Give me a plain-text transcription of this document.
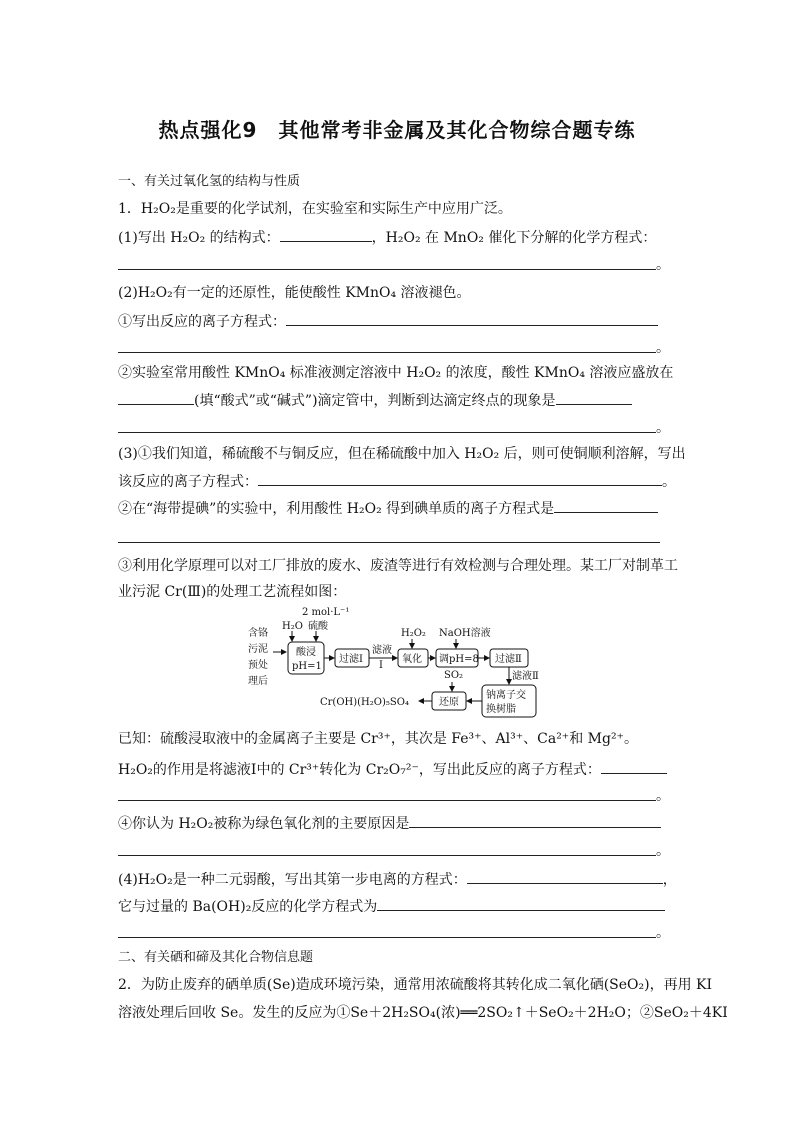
热点强化9　其他常考非金属及其化合物综合题专练
一、有关过氧化氢的结构与性质
1．H₂O₂是重要的化学试剂，在实验室和实际生产中应用广泛。
(1)写出 H₂O₂ 的结构式：	，H₂O₂ 在 MnO₂ 催化下分解的化学方程式：
。
(2)H₂O₂有一定的还原性，能使酸性 KMnO₄ 溶液褪色。
①写出反应的离子方程式：
。
②实验室常用酸性 KMnO₄ 标准液测定溶液中 H₂O₂ 的浓度，酸性 KMnO₄ 溶液应盛放在
(填“酸式”或“碱式”)滴定管中，判断到达滴定终点的现象是
。
(3)①我们知道，稀硫酸不与铜反应，但在稀硫酸中加入 H₂O₂ 后，则可使铜顺利溶解，写出
该反应的离子方程式：	。
②在“海带提碘”的实验中，利用酸性 H₂O₂ 得到碘单质的离子方程式是
③利用化学原理可以对工厂排放的废水、废渣等进行有效检测与合理处理。某工厂对制革工
业污泥 Cr(Ⅲ)的处理工艺流程如图：
含铬
污泥
预处
理后
2 mol·L⁻¹
H₂O 硫酸
酸浸
pH=1
过滤Ⅰ
滤液
Ⅰ
H₂O₂
氧化
NaOH溶液
调pH=8 过滤Ⅱ
滤液Ⅱ
钠离子交
换树脂
SO₂
还原
Cr(OH)(H₂O)₅SO₄
已知：硫酸浸取液中的金属离子主要是 Cr³⁺，其次是 Fe³⁺、Al³⁺、Ca²⁺和 Mg²⁺。
H₂O₂的作用是将滤液Ⅰ中的 Cr³⁺转化为 Cr₂O₇²⁻，写出此反应的离子方程式：
。
④你认为 H₂O₂被称为绿色氧化剂的主要原因是
。
(4)H₂O₂是一种二元弱酸，写出其第一步电离的方程式：	，
它与过量的 Ba(OH)₂反应的化学方程式为
。
二、有关硒和碲及其化合物信息题
2．为防止废弃的硒单质(Se)造成环境污染，通常用浓硫酸将其转化成二氧化硒(SeO₂)，再用 KI
溶液处理后回收 Se。发生的反应为①Se＋2H₂SO₄(浓)══2SO₂↑＋SeO₂＋2H₂O；②SeO₂＋4KI
